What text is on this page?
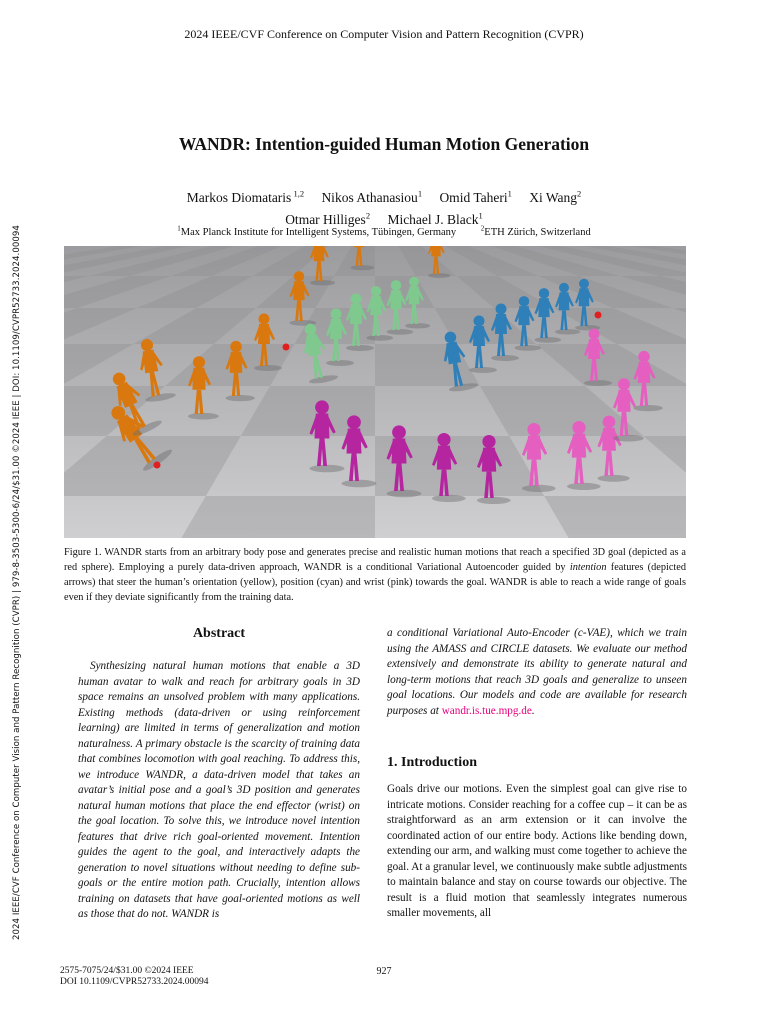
2024 IEEE/CVF Conference on Computer Vision and Pattern Recognition (CVPR)
2024 IEEE/CVF Conference on Computer Vision and Pattern Recognition (CVPR) | 979-8-3503-5300-6/24/$31.00 ©2024 IEEE | DOI: 10.1109/CVPR52733.2024.00094
WANDR: Intention-guided Human Motion Generation
Markos Diomataris $^{1,2}$ Nikos Athanasiou$^1$ Omid Taheri$^1$ Xi Wang$^2$
Otmar Hilliges$^2$ Michael J. Black$^1$
$^1$Max Planck Institute for Intelligent Systems, Tübingen, Germany	$^2$ETH Zürich, Switzerland
Figure 1. WANDR starts from an arbitrary body pose and generates precise and realistic human motions that reach a specified 3D goal (depicted as a red sphere). Employing a purely data-driven approach, WANDR is a conditional Variational Autoencoder guided by intention features (depicted arrows) that steer the human’s orientation (yellow), position (cyan) and wrist (pink) towards the goal. WANDR is able to reach a wide range of goals even if they deviate significantly from the training data.
Abstract

Synthesizing natural human motions that enable a 3D human avatar to walk and reach for arbitrary goals in 3D space remains an unsolved problem with many applications. Existing methods (data-driven or using reinforcement learning) are limited in terms of generalization and motion naturalness. A primary obstacle is the scarcity of training data that combines locomotion with goal reaching. To address this, we introduce WANDR, a data-driven model that takes an avatar’s initial pose and a goal’s 3D position and generates natural human motions that place the end effector (wrist) on the goal location. To solve this, we introduce novel intention features that drive rich goal-oriented movement. Intention guides the agent to the goal, and interactively adapts the generation to novel situations without needing to define sub-goals or the entire motion path. Crucially, intention allows training on datasets that have goal-oriented motions as well as those that do not. WANDR is

a conditional Variational Auto-Encoder (c-VAE), which we train using the AMASS and CIRCLE datasets. We evaluate our method extensively and demonstrate its ability to generate natural and long-term motions that reach 3D goals and generalize to unseen goal locations. Our models and code are available for research purposes at wandr.is.tue.mpg.de.

1. Introduction

Goals drive our motions. Even the simplest goal can give rise to intricate motions. Consider reaching for a coffee cup – it can be as straightforward as an arm extension or it can involve the coordinated action of our entire body. Actions like bending down, extending our arm, and walking must come together to achieve the goal. At a granular level, we continuously make subtle adjustments to maintain balance and stay on course towards our objective. The result is a fluid motion that seamlessly integrates numerous smaller movements, all

2575-7075/24/$31.00 ©2024 IEEE
DOI 10.1109/CVPR52733.2024.00094
927
